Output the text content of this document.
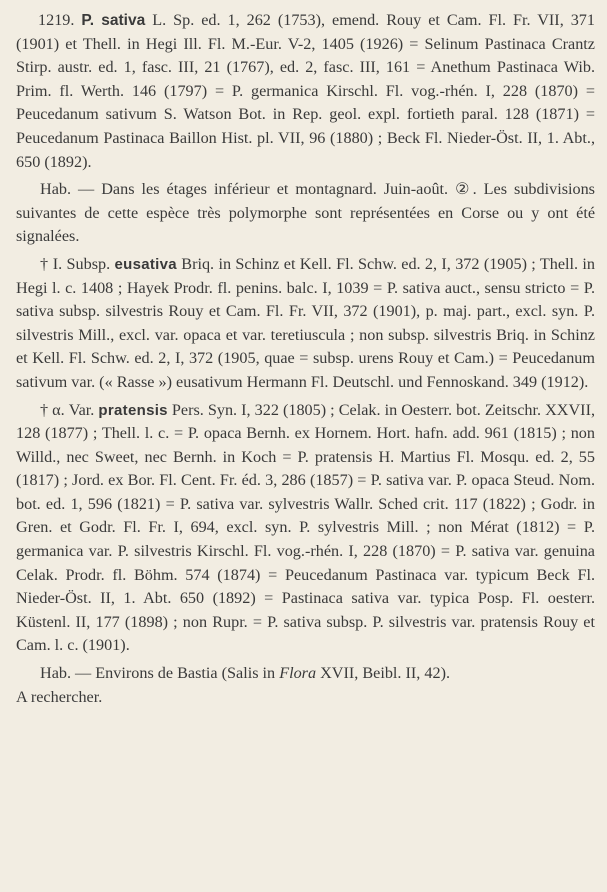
1219. P. sativa L. Sp. ed. 1, 262 (1753), emend. Rouy et Cam. Fl. Fr. VII, 371 (1901) et Thell. in Hegi Ill. Fl. M.-Eur. V-2, 1405 (1926) = Selinum Pastinaca Crantz Stirp. austr. ed. 1, fasc. III, 21 (1767), ed. 2, fasc. III, 161 = Anethum Pastinaca Wib. Prim. fl. Werth. 146 (1797) = P. germanica Kirschl. Fl. vog.-rhén. I, 228 (1870) = Peucedanum sativum S. Watson Bot. in Rep. geol. expl. fortieth paral. 128 (1871) = Peucedanum Pastinaca Baillon Hist. pl. VII, 96 (1880) ; Beck Fl. Nieder-Öst. II, 1. Abt., 650 (1892).

Hab. — Dans les étages inférieur et montagnard. Juin-août. ②. Les subdivisions suivantes de cette espèce très polymorphe sont représentées en Corse ou y ont été signalées.

† I. Subsp. eusativa Briq. in Schinz et Kell. Fl. Schw. ed. 2, I, 372 (1905) ; Thell. in Hegi l. c. 1408 ; Hayek Prodr. fl. penins. balc. I, 1039 = P. sativa auct., sensu stricto = P. sativa subsp. silvestris Rouy et Cam. Fl. Fr. VII, 372 (1901), p. maj. part., excl. syn. P. silvestris Mill., excl. var. opaca et var. teretiuscula ; non subsp. silvestris Briq. in Schinz et Kell. Fl. Schw. ed. 2, I, 372 (1905, quae = subsp. urens Rouy et Cam.) = Peucedanum sativum var. (« Rasse ») eusativum Hermann Fl. Deutschl. und Fennoskand. 349 (1912).

† α. Var. pratensis Pers. Syn. I, 322 (1805) ; Celak. in Oesterr. bot. Zeitschr. XXVII, 128 (1877) ; Thell. l. c. = P. opaca Bernh. ex Hornem. Hort. hafn. add. 961 (1815) ; non Willd., nec Sweet, nec Bernh. in Koch = P. pratensis H. Martius Fl. Mosqu. ed. 2, 55 (1817) ; Jord. ex Bor. Fl. Cent. Fr. éd. 3, 286 (1857) = P. sativa var. P. opaca Steud. Nom. bot. ed. 1, 596 (1821) = P. sativa var. sylvestris Wallr. Sched crit. 117 (1822) ; Godr. in Gren. et Godr. Fl. Fr. I, 694, excl. syn. P. sylvestris Mill. ; non Mérat (1812) = P. germanica var. P. silvestris Kirschl. Fl. vog.-rhén. I, 228 (1870) = P. sativa var. genuina Celak. Prodr. fl. Böhm. 574 (1874) = Peucedanum Pastinaca var. typicum Beck Fl. Nieder-Öst. II, 1. Abt. 650 (1892) = Pastinaca sativa var. typica Posp. Fl. oesterr. Küstenl. II, 177 (1898) ; non Rupr. = P. sativa subsp. P. silvestris var. pratensis Rouy et Cam. l. c. (1901).

Hab. — Environs de Bastia (Salis in Flora XVII, Beibl. II, 42).

A rechercher.
